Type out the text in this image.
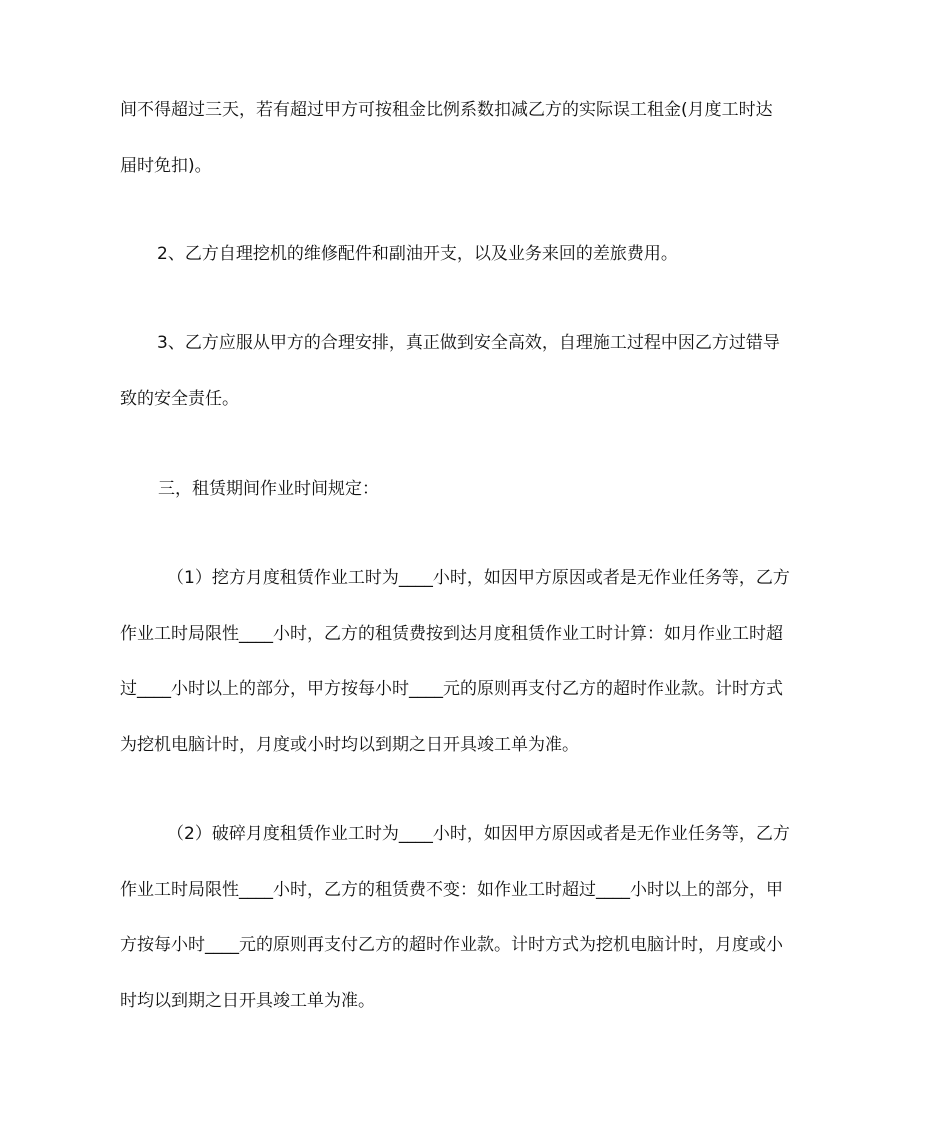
间不得超过三天，若有超过甲方可按租金比例系数扣减乙方的实际误工租金(月度工时达
届时免扣)。
2、乙方自理挖机的维修配件和副油开支，以及业务来回的差旅费用。
3、乙方应服从甲方的合理安排，真正做到安全高效，自理施工过程中因乙方过错导
致的安全责任。
三，租赁期间作业时间规定：
（1）挖方月度租赁作业工时为____小时，如因甲方原因或者是无作业任务等，乙方
作业工时局限性____小时，乙方的租赁费按到达月度租赁作业工时计算：如月作业工时超
过____小时以上的部分，甲方按每小时____元的原则再支付乙方的超时作业款。计时方式
为挖机电脑计时，月度或小时均以到期之日开具竣工单为准。
（2）破碎月度租赁作业工时为____小时，如因甲方原因或者是无作业任务等，乙方
作业工时局限性____小时，乙方的租赁费不变：如作业工时超过____小时以上的部分，甲
方按每小时____元的原则再支付乙方的超时作业款。计时方式为挖机电脑计时，月度或小
时均以到期之日开具竣工单为准。
